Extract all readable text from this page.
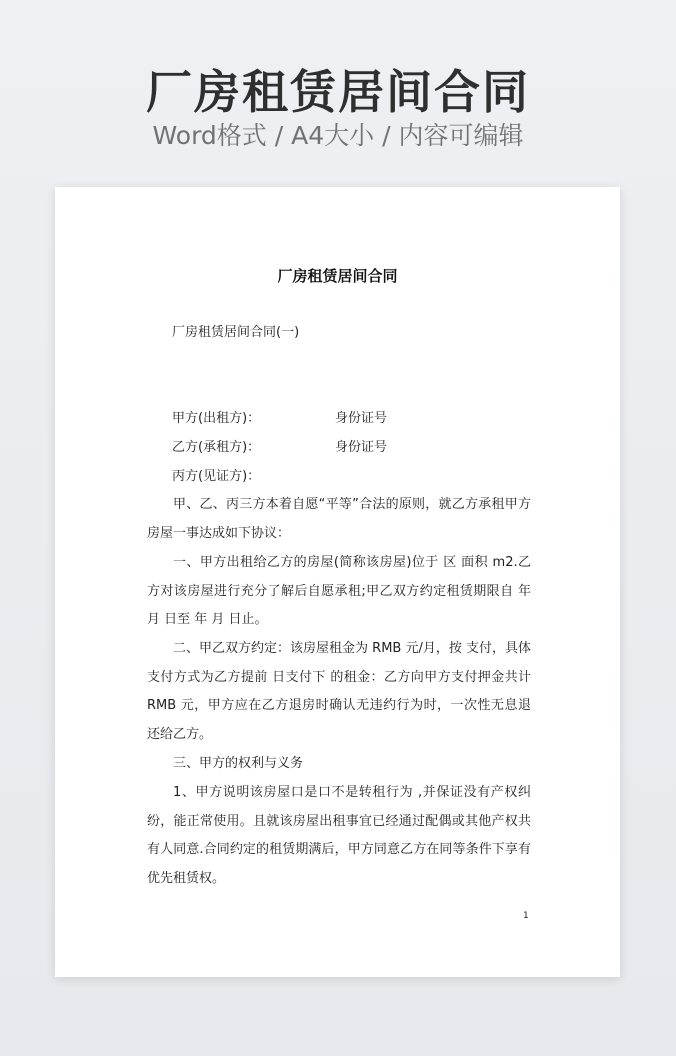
厂房租赁居间合同
Word格式 / A4大小 / 内容可编辑
厂房租赁居间合同
厂房租赁居间合同(一)
甲方(出租方)：	身份证号
乙方(承租方)：	身份证号
丙方(见证方)：
甲、乙、丙三方本着自愿“平等”合法的原则，就乙方承租甲方房屋一事达成如下协议：
一、甲方出租给乙方的房屋(简称该房屋)位于 区 面积 m2.乙方对该房屋进行充分了解后自愿承租;甲乙双方约定租赁期限自 年 月 日至 年 月 日止。
二、甲乙双方约定：该房屋租金为 RMB 元/月，按 支付，具体支付方式为乙方提前 日支付下 的租金：乙方向甲方支付押金共计 RMB 元，甲方应在乙方退房时确认无违约行为时，一次性无息退还给乙方。
三、甲方的权利与义务
1、甲方说明该房屋口是口不是转租行为 ,并保证没有产权纠纷，能正常使用。且就该房屋出租事宜已经通过配偶或其他产权共有人同意.合同约定的租赁期满后，甲方同意乙方在同等条件下享有优先租赁权。
1
